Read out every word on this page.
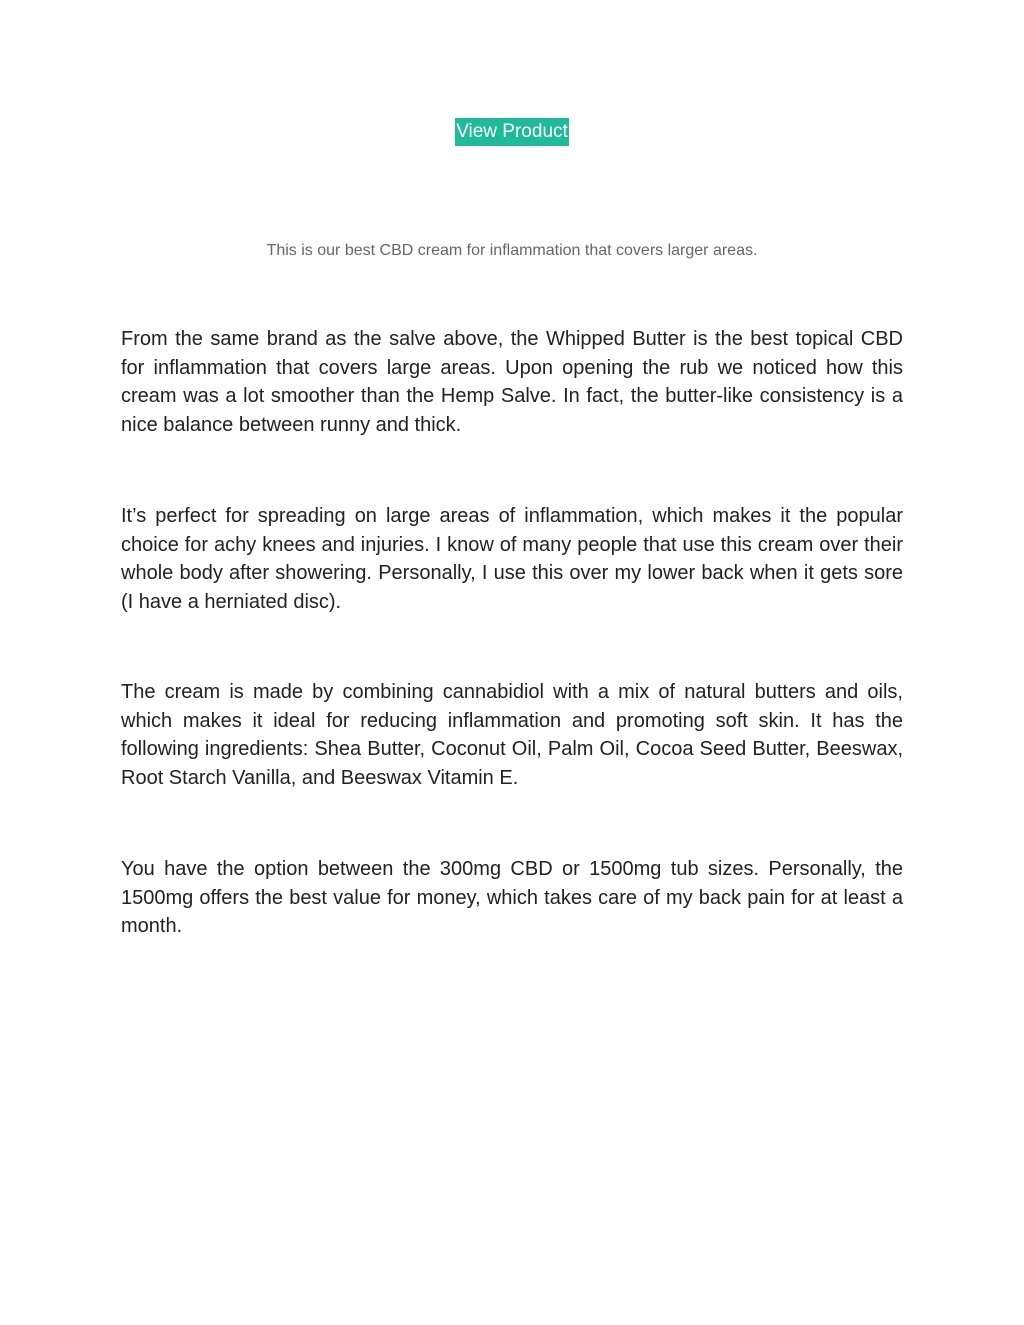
View Product
This is our best CBD cream for inflammation that covers larger areas.

From the same brand as the salve above, the Whipped Butter is the best topical CBD for inflammation that covers large areas. Upon opening the rub we noticed how this cream was a lot smoother than the Hemp Salve. In fact, the butter-like consistency is a nice balance between runny and thick.

It’s perfect for spreading on large areas of inflammation, which makes it the popular choice for achy knees and injuries. I know of many people that use this cream over their whole body after showering. Personally, I use this over my lower back when it gets sore (I have a herniated disc).

The cream is made by combining cannabidiol with a mix of natural butters and oils, which makes it ideal for reducing inflammation and promoting soft skin. It has the following ingredients: Shea Butter, Coconut Oil, Palm Oil, Cocoa Seed Butter, Beeswax, Root Starch Vanilla, and Beeswax Vitamin E.

You have the option between the 300mg CBD or 1500mg tub sizes. Personally, the 1500mg offers the best value for money, which takes care of my back pain for at least a month.
